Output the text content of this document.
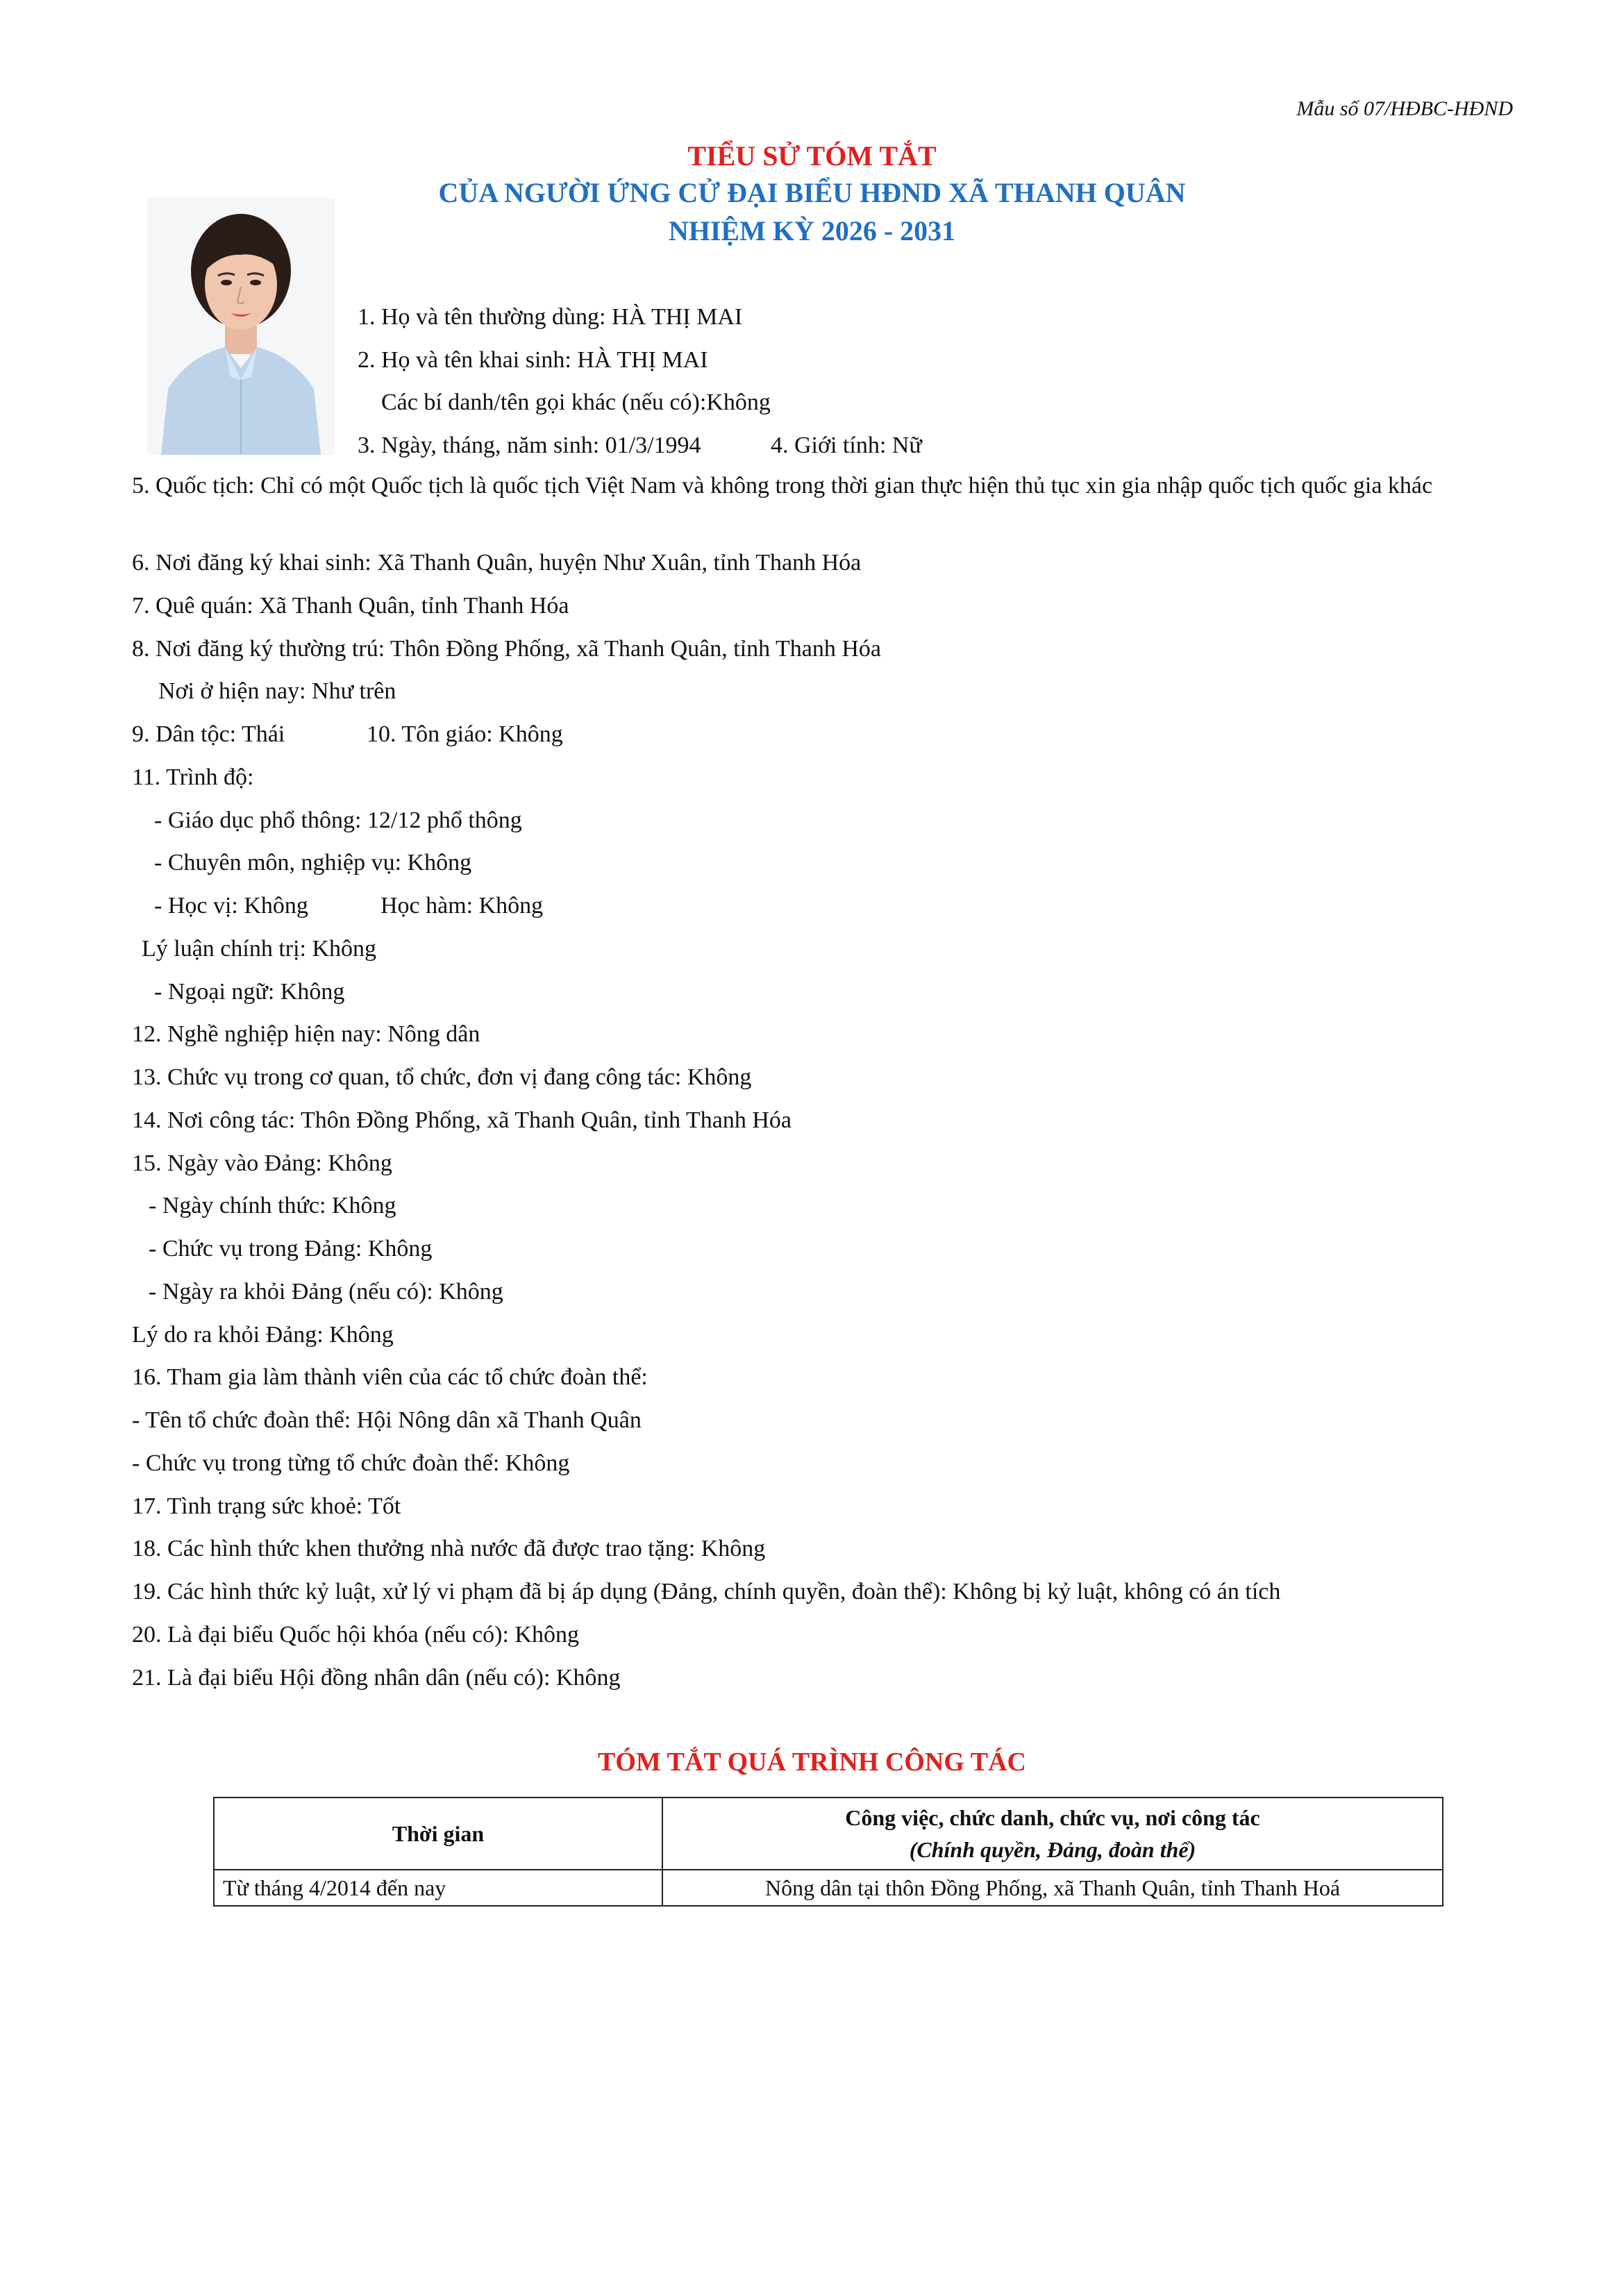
Mẫu số 07/HĐBC-HĐND
TIỂU SỬ TÓM TẮT
CỦA NGƯỜI ỨNG CỬ ĐẠI BIỂU HĐND XÃ THANH QUÂN
NHIỆM KỲ 2026 - 2031
1. Họ và tên thường dùng: HÀ THỊ MAI
2. Họ và tên khai sinh: HÀ THỊ MAI
Các bí danh/tên gọi khác (nếu có):Không
3. Ngày, tháng, năm sinh: 01/3/1994	4. Giới tính: Nữ
5. Quốc tịch: Chỉ có một Quốc tịch là quốc tịch Việt Nam và không trong thời gian thực hiện thủ tục xin gia nhập quốc tịch quốc gia khác
6. Nơi đăng ký khai sinh: Xã Thanh Quân, huyện Như Xuân, tỉnh Thanh Hóa
7. Quê quán: Xã Thanh Quân, tỉnh Thanh Hóa
8. Nơi đăng ký thường trú: Thôn Đồng Phống, xã Thanh Quân, tỉnh Thanh Hóa
Nơi ở hiện nay: Như trên
9. Dân tộc: Thái	10. Tôn giáo: Không
11. Trình độ:
- Giáo dục phổ thông: 12/12 phổ thông
- Chuyên môn, nghiệp vụ: Không
- Học vị: Không	Học hàm: Không
Lý luận chính trị: Không
- Ngoại ngữ: Không
12. Nghề nghiệp hiện nay: Nông dân
13. Chức vụ trong cơ quan, tổ chức, đơn vị đang công tác: Không
14. Nơi công tác: Thôn Đồng Phống, xã Thanh Quân, tỉnh Thanh Hóa
15. Ngày vào Đảng: Không
- Ngày chính thức: Không
- Chức vụ trong Đảng: Không
- Ngày ra khỏi Đảng (nếu có): Không
Lý do ra khỏi Đảng: Không
16. Tham gia làm thành viên của các tổ chức đoàn thể:
- Tên tổ chức đoàn thể: Hội Nông dân xã Thanh Quân
- Chức vụ trong từng tổ chức đoàn thể: Không
17. Tình trạng sức khoẻ: Tốt
18. Các hình thức khen thưởng nhà nước đã được trao tặng: Không
19. Các hình thức kỷ luật, xử lý vi phạm đã bị áp dụng (Đảng, chính quyền, đoàn thể): Không bị kỷ luật, không có án tích
20. Là đại biểu Quốc hội khóa (nếu có): Không
21. Là đại biểu Hội đồng nhân dân (nếu có): Không
TÓM TẮT QUÁ TRÌNH CÔNG TÁC
Thời gian	Công việc, chức danh, chức vụ, nơi công tác
(Chính quyền, Đảng, đoàn thể)

Từ tháng 4/2014 đến nay	Nông dân tại thôn Đồng Phống, xã Thanh Quân, tỉnh Thanh Hoá
